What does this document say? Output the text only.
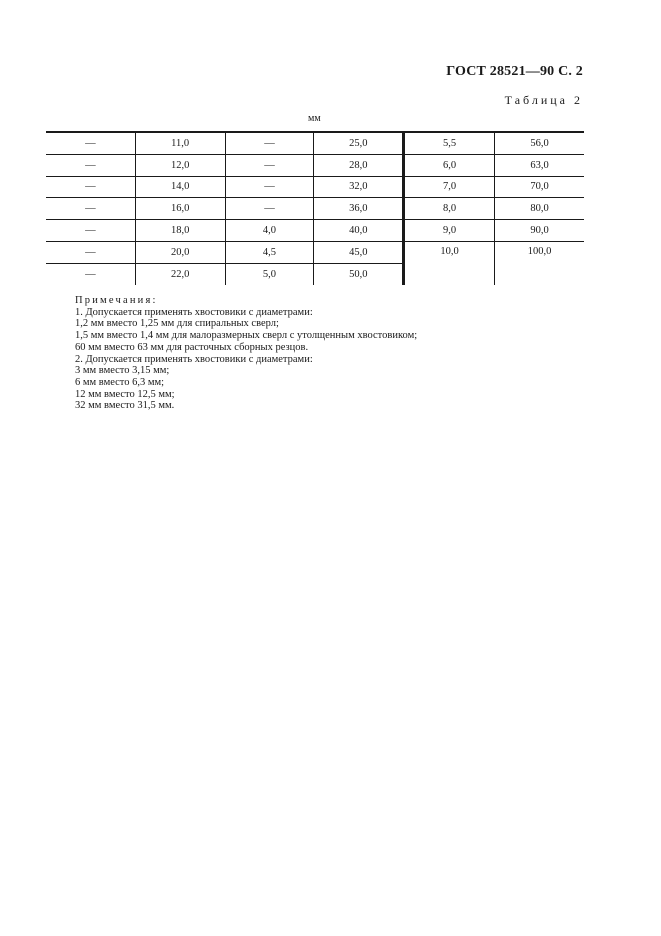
ГОСТ 28521—90 С. 2
Таблица 2
мм
—	11,0	—	25,0	5,5	56,0
—	12,0	—	28,0	6,0	63,0
—	14,0	—	32,0	7,0	70,0
—	16,0	—	36,0	8,0	80,0
—	18,0	4,0	40,0	9,0	90,0
—	20,0	4,5	45,0	10,0	100,0
—	22,0	5,0	50,0		
Примечания:
1. Допускается применять хвостовики с диаметрами:
1,2 мм вместо 1,25 мм для спиральных сверл;
1,5 мм вместо 1,4 мм для малоразмерных сверл с утолщенным хвостовиком;
60 мм вместо 63 мм для расточных сборных резцов.
2. Допускается применять хвостовики с диаметрами:
3 мм вместо 3,15 мм;
6 мм вместо 6,3 мм;
12 мм вместо 12,5 мм;
32 мм вместо 31,5 мм.
